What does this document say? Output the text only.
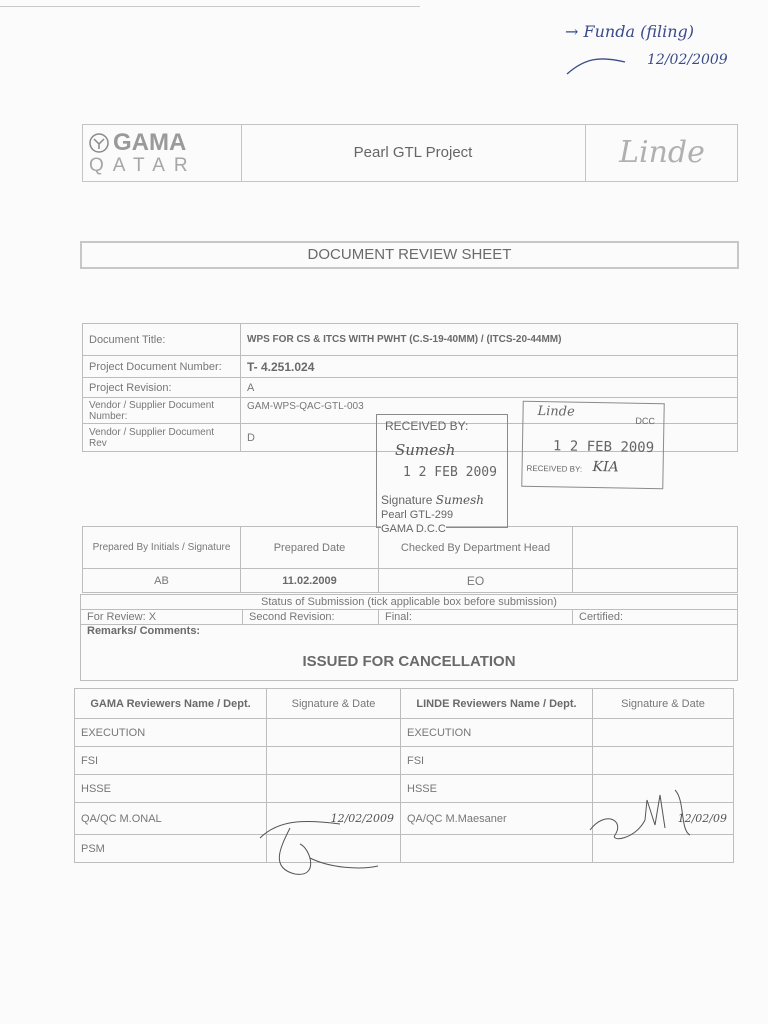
→ Funda (filing)
12/02/2009
GAMA
QATAR
Pearl GTL Project	Linde
DOCUMENT REVIEW SHEET
Document Title:	WPS FOR CS & ITCS WITH PWHT (C.S-19-40MM) / (ITCS-20-44MM)
Project Document Number:	T- 4.251.024
Project Revision:	A
Vendor / Supplier Document Number:	GAM-WPS-QAC-GTL-003
Vendor / Supplier Document Rev	D
Prepared By Initials / Signature	Prepared Date	Checked By Department Head	
AB	11.02.2009	EO	
Status of Submission (tick applicable box before submission)
For Review: X	Second Revision:	Final:	Certified:

Remarks/ Comments:
ISSUED FOR CANCELLATION
GAMA Reviewers Name / Dept.	Signature & Date	LINDE Reviewers Name / Dept.	Signature & Date
EXECUTION		EXECUTION	
FSI		FSI	
HSSE		HSSE	
QA/QC M.ONAL	12/02/2009	QA/QC M.Maesaner	12/02/09
PSM			
RECEIVED BY:
Sumesh
1 2 FEB 2009
Signature Sumesh
Pearl GTL-299
GAMA D.C.C
Linde
DCC
1 2 FEB 2009
RECEIVED BY: KIA
